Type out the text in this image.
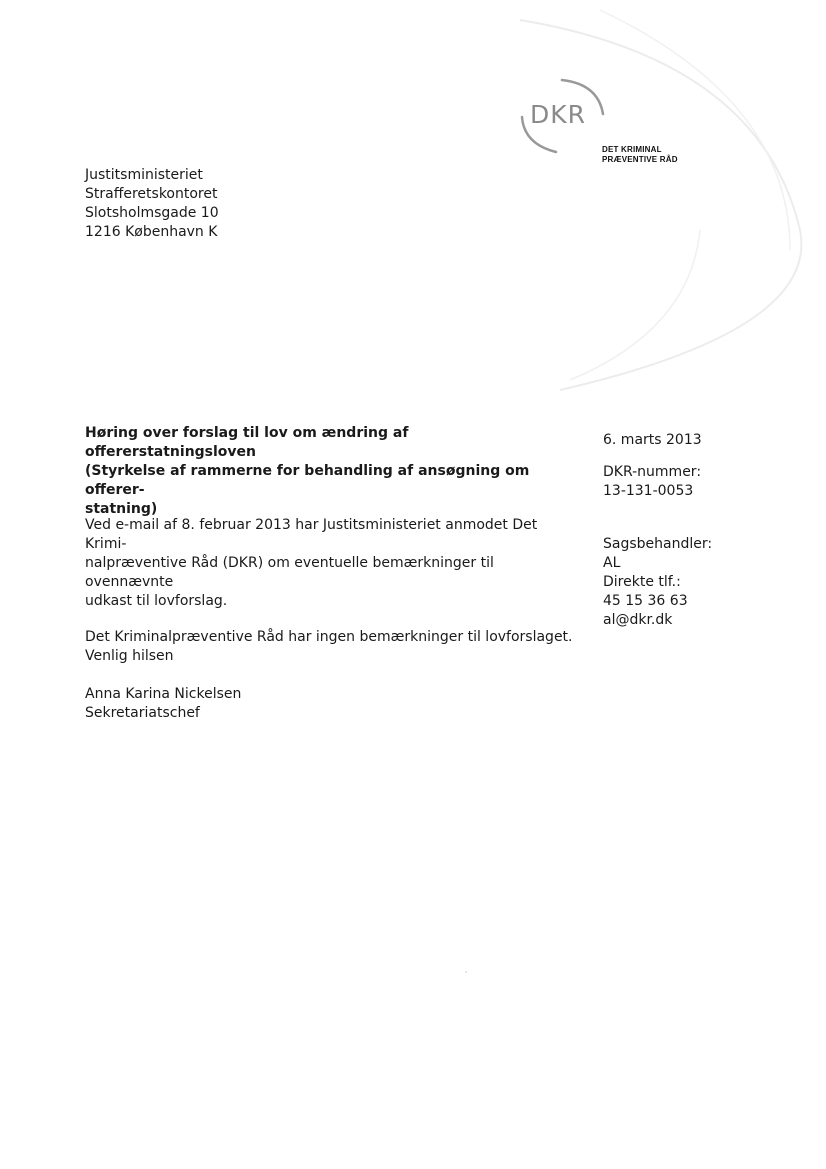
DKR
DET KRIMINAL
PRÆVENTIVE RÅD
Justitsministeriet
Strafferetskontoret
Slotsholmsgade 10
1216 København K
Høring over forslag til lov om ændring af offererstatningsloven
(Styrkelse af rammerne for behandling af ansøgning om offerer-
statning)

Ved e-mail af 8. februar 2013 har Justitsministeriet anmodet Det Krimi-
nalpræventive Råd (DKR) om eventuelle bemærkninger til ovennævnte
udkast til lovforslag.

Det Kriminalpræventive Råd har ingen bemærkninger til lovforslaget.

Venlig hilsen
Anna Karina Nickelsen
Sekretariatschef
6. marts 2013
DKR-nummer:
13-131-0053
Sagsbehandler:
AL
Direkte tlf.:
45 15 36 63
al@dkr.dk
